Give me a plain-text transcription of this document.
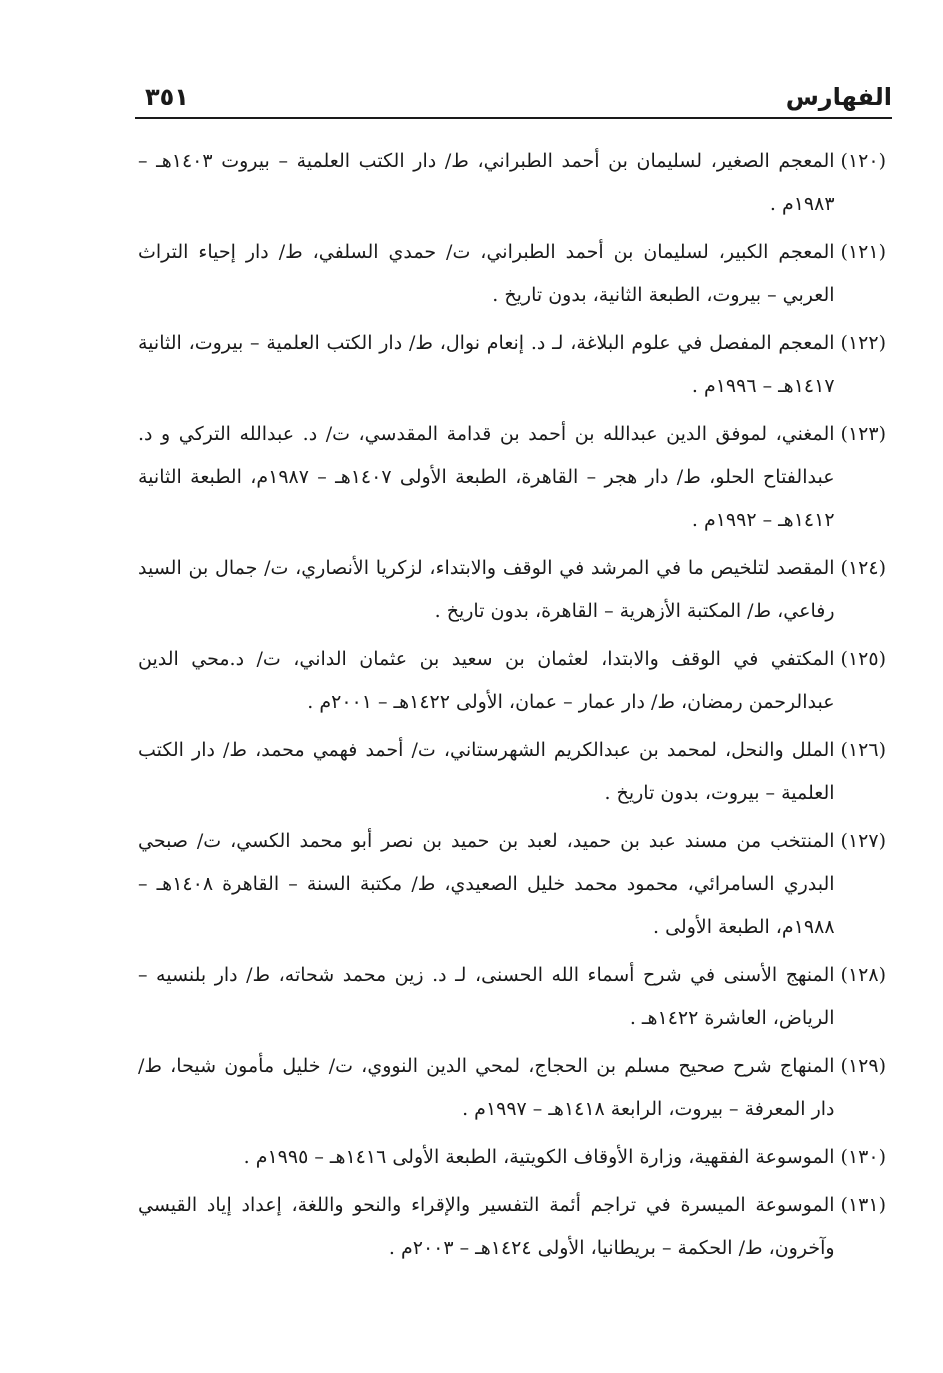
الفهارس
٣٥١
(١٢٠)
المعجم الصغير، لسليمان بن أحمد الطبراني، ط/ دار الكتب العلمية – بيروت ١٤٠٣هـ – ١٩٨٣م .
(١٢١)
المعجم الكبير، لسليمان بن أحمد الطبراني، ت/ حمدي السلفي، ط/ دار إحياء التراث العربي – بيروت، الطبعة الثانية، بدون تاريخ .
(١٢٢)
المعجم المفصل في علوم البلاغة، لـ د. إنعام نوال، ط/ دار الكتب العلمية – بيروت، الثانية ١٤١٧هـ – ١٩٩٦م .
(١٢٣)
المغني، لموفق الدين عبدالله بن أحمد بن قدامة المقدسي، ت/ د. عبدالله التركي و د. عبدالفتاح الحلو، ط/ دار هجر – القاهرة، الطبعة الأولى ١٤٠٧هـ – ١٩٨٧م، الطبعة الثانية ١٤١٢هـ – ١٩٩٢م .
(١٢٤)
المقصد لتلخيص ما في المرشد في الوقف والابتداء، لزكريا الأنصاري، ت/ جمال بن السيد رفاعي، ط/ المكتبة الأزهرية – القاهرة، بدون تاريخ .
(١٢٥)
المكتفي في الوقف والابتدا، لعثمان بن سعيد بن عثمان الداني، ت/ د.محي الدين عبدالرحمن رمضان، ط/ دار عمار – عمان، الأولى ١٤٢٢هـ – ٢٠٠١م .
(١٢٦)
الملل والنحل، لمحمد بن عبدالكريم الشهرستاني، ت/ أحمد فهمي محمد، ط/ دار الكتب العلمية – بيروت، بدون تاريخ .
(١٢٧)
المنتخب من مسند عبد بن حميد، لعبد بن حميد بن نصر أبو محمد الكسي، ت/ صبحي البدري السامرائي، محمود محمد خليل الصعيدي، ط/ مكتبة السنة – القاهرة ١٤٠٨هـ – ١٩٨٨م، الطبعة الأولى .
(١٢٨)
المنهج الأسنى في شرح أسماء الله الحسنى، لـ د. زين محمد شحاته، ط/ دار بلنسيه – الرياض، العاشرة ١٤٢٢هـ .
(١٢٩)
المنهاج شرح صحيح مسلم بن الحجاج، لمحي الدين النووي، ت/ خليل مأمون شيحا، ط/ دار المعرفة – بيروت، الرابعة ١٤١٨هـ – ١٩٩٧م .
(١٣٠)
الموسوعة الفقهية، وزارة الأوقاف الكويتية، الطبعة الأولى ١٤١٦هـ – ١٩٩٥م .
(١٣١)
الموسوعة الميسرة في تراجم أئمة التفسير والإقراء والنحو واللغة، إعداد إياد القيسي وآخرون، ط/ الحكمة – بريطانيا، الأولى ١٤٢٤هـ – ٢٠٠٣م .
